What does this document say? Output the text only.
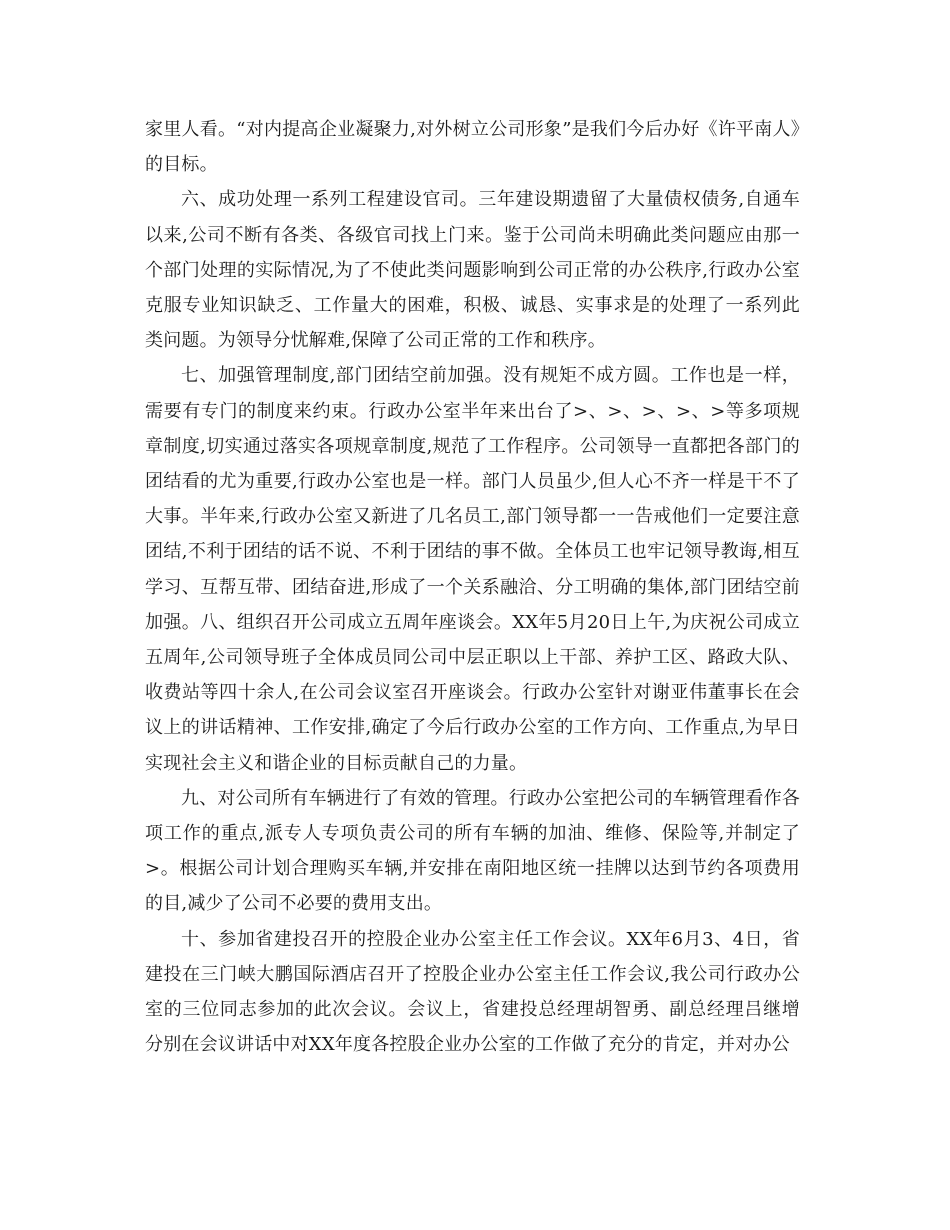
家里人看。“对内提高企业凝聚力,对外树立公司形象”是我们今后办好《许平南人》的目标。

六、成功处理一系列工程建设官司。三年建设期遗留了大量债权债务,自通车以来,公司不断有各类、各级官司找上门来。鉴于公司尚未明确此类问题应由那一个部门处理的实际情况,为了不使此类问题影响到公司正常的办公秩序,行政办公室克服专业知识缺乏、工作量大的困难，积极、诚恳、实事求是的处理了一系列此类问题。为领导分忧解难,保障了公司正常的工作和秩序。

七、加强管理制度,部门团结空前加强。没有规矩不成方圆。工作也是一样，需要有专门的制度来约束。行政办公室半年来出台了>、>、>、>、>等多项规章制度,切实通过落实各项规章制度,规范了工作程序。公司领导一直都把各部门的团结看的尤为重要,行政办公室也是一样。部门人员虽少,但人心不齐一样是干不了大事。半年来,行政办公室又新进了几名员工,部门领导都一一告戒他们一定要注意团结,不利于团结的话不说、不利于团结的事不做。全体员工也牢记领导教诲,相互学习、互帮互带、团结奋进,形成了一个关系融洽、分工明确的集体,部门团结空前加强。八、组织召开公司成立五周年座谈会。XX年5月20日上午,为庆祝公司成立五周年,公司领导班子全体成员同公司中层正职以上干部、养护工区、路政大队、收费站等四十余人,在公司会议室召开座谈会。行政办公室针对谢亚伟董事长在会议上的讲话精神、工作安排,确定了今后行政办公室的工作方向、工作重点,为早日实现社会主义和谐企业的目标贡献自己的力量。

九、对公司所有车辆进行了有效的管理。行政办公室把公司的车辆管理看作各项工作的重点,派专人专项负责公司的所有车辆的加油、维修、保险等,并制定了>。根据公司计划合理购买车辆,并安排在南阳地区统一挂牌以达到节约各项费用的目,减少了公司不必要的费用支出。

十、参加省建投召开的控股企业办公室主任工作会议。XX年6月3、4日，省建投在三门峡大鹏国际酒店召开了控股企业办公室主任工作会议,我公司行政办公室的三位同志参加的此次会议。会议上，省建投总经理胡智勇、副总经理吕继增分别在会议讲话中对XX年度各控股企业办公室的工作做了充分的肯定，并对办公
